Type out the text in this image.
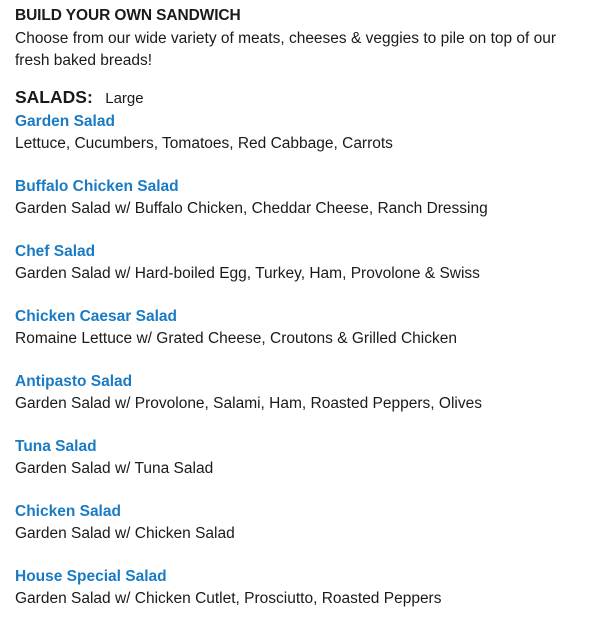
BUILD YOUR OWN SANDWICH

Choose from our wide variety of meats, cheeses & veggies to pile on top of our fresh baked breads!

SALADS: Large
Garden Salad
Lettuce, Cucumbers, Tomatoes, Red Cabbage, Carrots
Buffalo Chicken Salad
Garden Salad w/ Buffalo Chicken, Cheddar Cheese, Ranch Dressing
Chef Salad
Garden Salad w/ Hard-boiled Egg, Turkey, Ham, Provolone & Swiss
Chicken Caesar Salad
Romaine Lettuce w/ Grated Cheese, Croutons & Grilled Chicken
Antipasto Salad
Garden Salad w/ Provolone, Salami, Ham, Roasted Peppers, Olives
Tuna Salad
Garden Salad w/ Tuna Salad
Chicken Salad
Garden Salad w/ Chicken Salad
House Special Salad
Garden Salad w/ Chicken Cutlet, Prosciutto, Roasted Peppers
